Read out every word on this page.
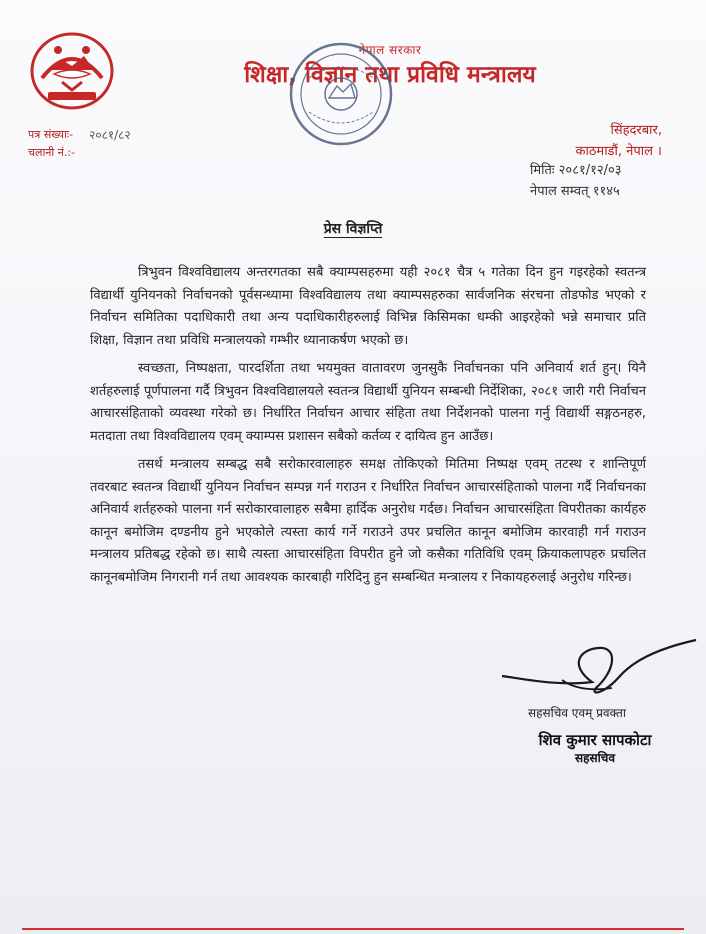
नेपाल सरकार
शिक्षा, विज्ञान तथा प्रविधि मन्त्रालय
पत्र संख्याः- २०८१/८२
चलानी नं.:-
सिंहदरबार,
काठमाडौं, नेपाल ।
मितिः २०८१/१२/०३
नेपाल सम्वत् ११४५
प्रेस विज्ञप्ति

त्रिभुवन विश्वविद्यालय अन्तरगतका सबै क्याम्पसहरुमा यही २०८१ चैत्र ५ गतेका दिन हुन गइरहेको स्वतन्त्र विद्यार्थी युनियनको निर्वाचनको पूर्वसन्ध्यामा विश्वविद्यालय तथा क्याम्पसहरुका सार्वजनिक संरचना तोडफोड भएको र निर्वाचन समितिका पदाधिकारी तथा अन्य पदाधिकारीहरुलाई विभिन्न किसिमका धम्की आइरहेको भन्ने समाचार प्रति शिक्षा, विज्ञान तथा प्रविधि मन्त्रालयको गम्भीर ध्यानाकर्षण भएको छ।

स्वच्छता, निष्पक्षता, पारदर्शिता तथा भयमुक्त वातावरण जुनसुकै निर्वाचनका पनि अनिवार्य शर्त हुन्। यिनै शर्तहरुलाई पूर्णपालना गर्दै त्रिभुवन विश्वविद्यालयले स्वतन्त्र विद्यार्थी युनियन सम्बन्धी निर्देशिका, २०८१ जारी गरी निर्वाचन आचारसंहिताको व्यवस्था गरेको छ। निर्धारित निर्वाचन आचार संहिता तथा निर्देशनको पालना गर्नु विद्यार्थी सङ्गठनहरु, मतदाता तथा विश्वविद्यालय एवम् क्याम्पस प्रशासन सबैको कर्तव्य र दायित्व हुन आउँछ।

तसर्थ मन्त्रालय सम्बद्ध सबै सरोकारवालाहरु समक्ष तोकिएको मितिमा निष्पक्ष एवम् तटस्थ र शान्तिपूर्ण तवरबाट स्वतन्त्र विद्यार्थी युनियन निर्वाचन सम्पन्न गर्न गराउन र निर्धारित निर्वाचन आचारसंहिताको पालना गर्दै निर्वाचनका अनिवार्य शर्तहरुको पालना गर्न सरोकारवालाहरु सबैमा हार्दिक अनुरोध गर्दछ। निर्वाचन आचारसंहिता विपरीतका कार्यहरु कानून बमोजिम दण्डनीय हुने भएकोले त्यस्ता कार्य गर्ने गराउने उपर प्रचलित कानून बमोजिम कारवाही गर्न गराउन मन्त्रालय प्रतिबद्ध रहेको छ। साथै त्यस्ता आचारसंहिता विपरीत हुने जो कसैका गतिविधि एवम् क्रियाकलापहरु प्रचलित कानूनबमोजिम निगरानी गर्न तथा आवश्यक कारबाही गरिदिनु हुन सम्बन्धित मन्त्रालय र निकायहरुलाई अनुरोध गरिन्छ।

सहसचिव एवम् प्रवक्ता
शिव कुमार सापकोटा
सहसचिव
